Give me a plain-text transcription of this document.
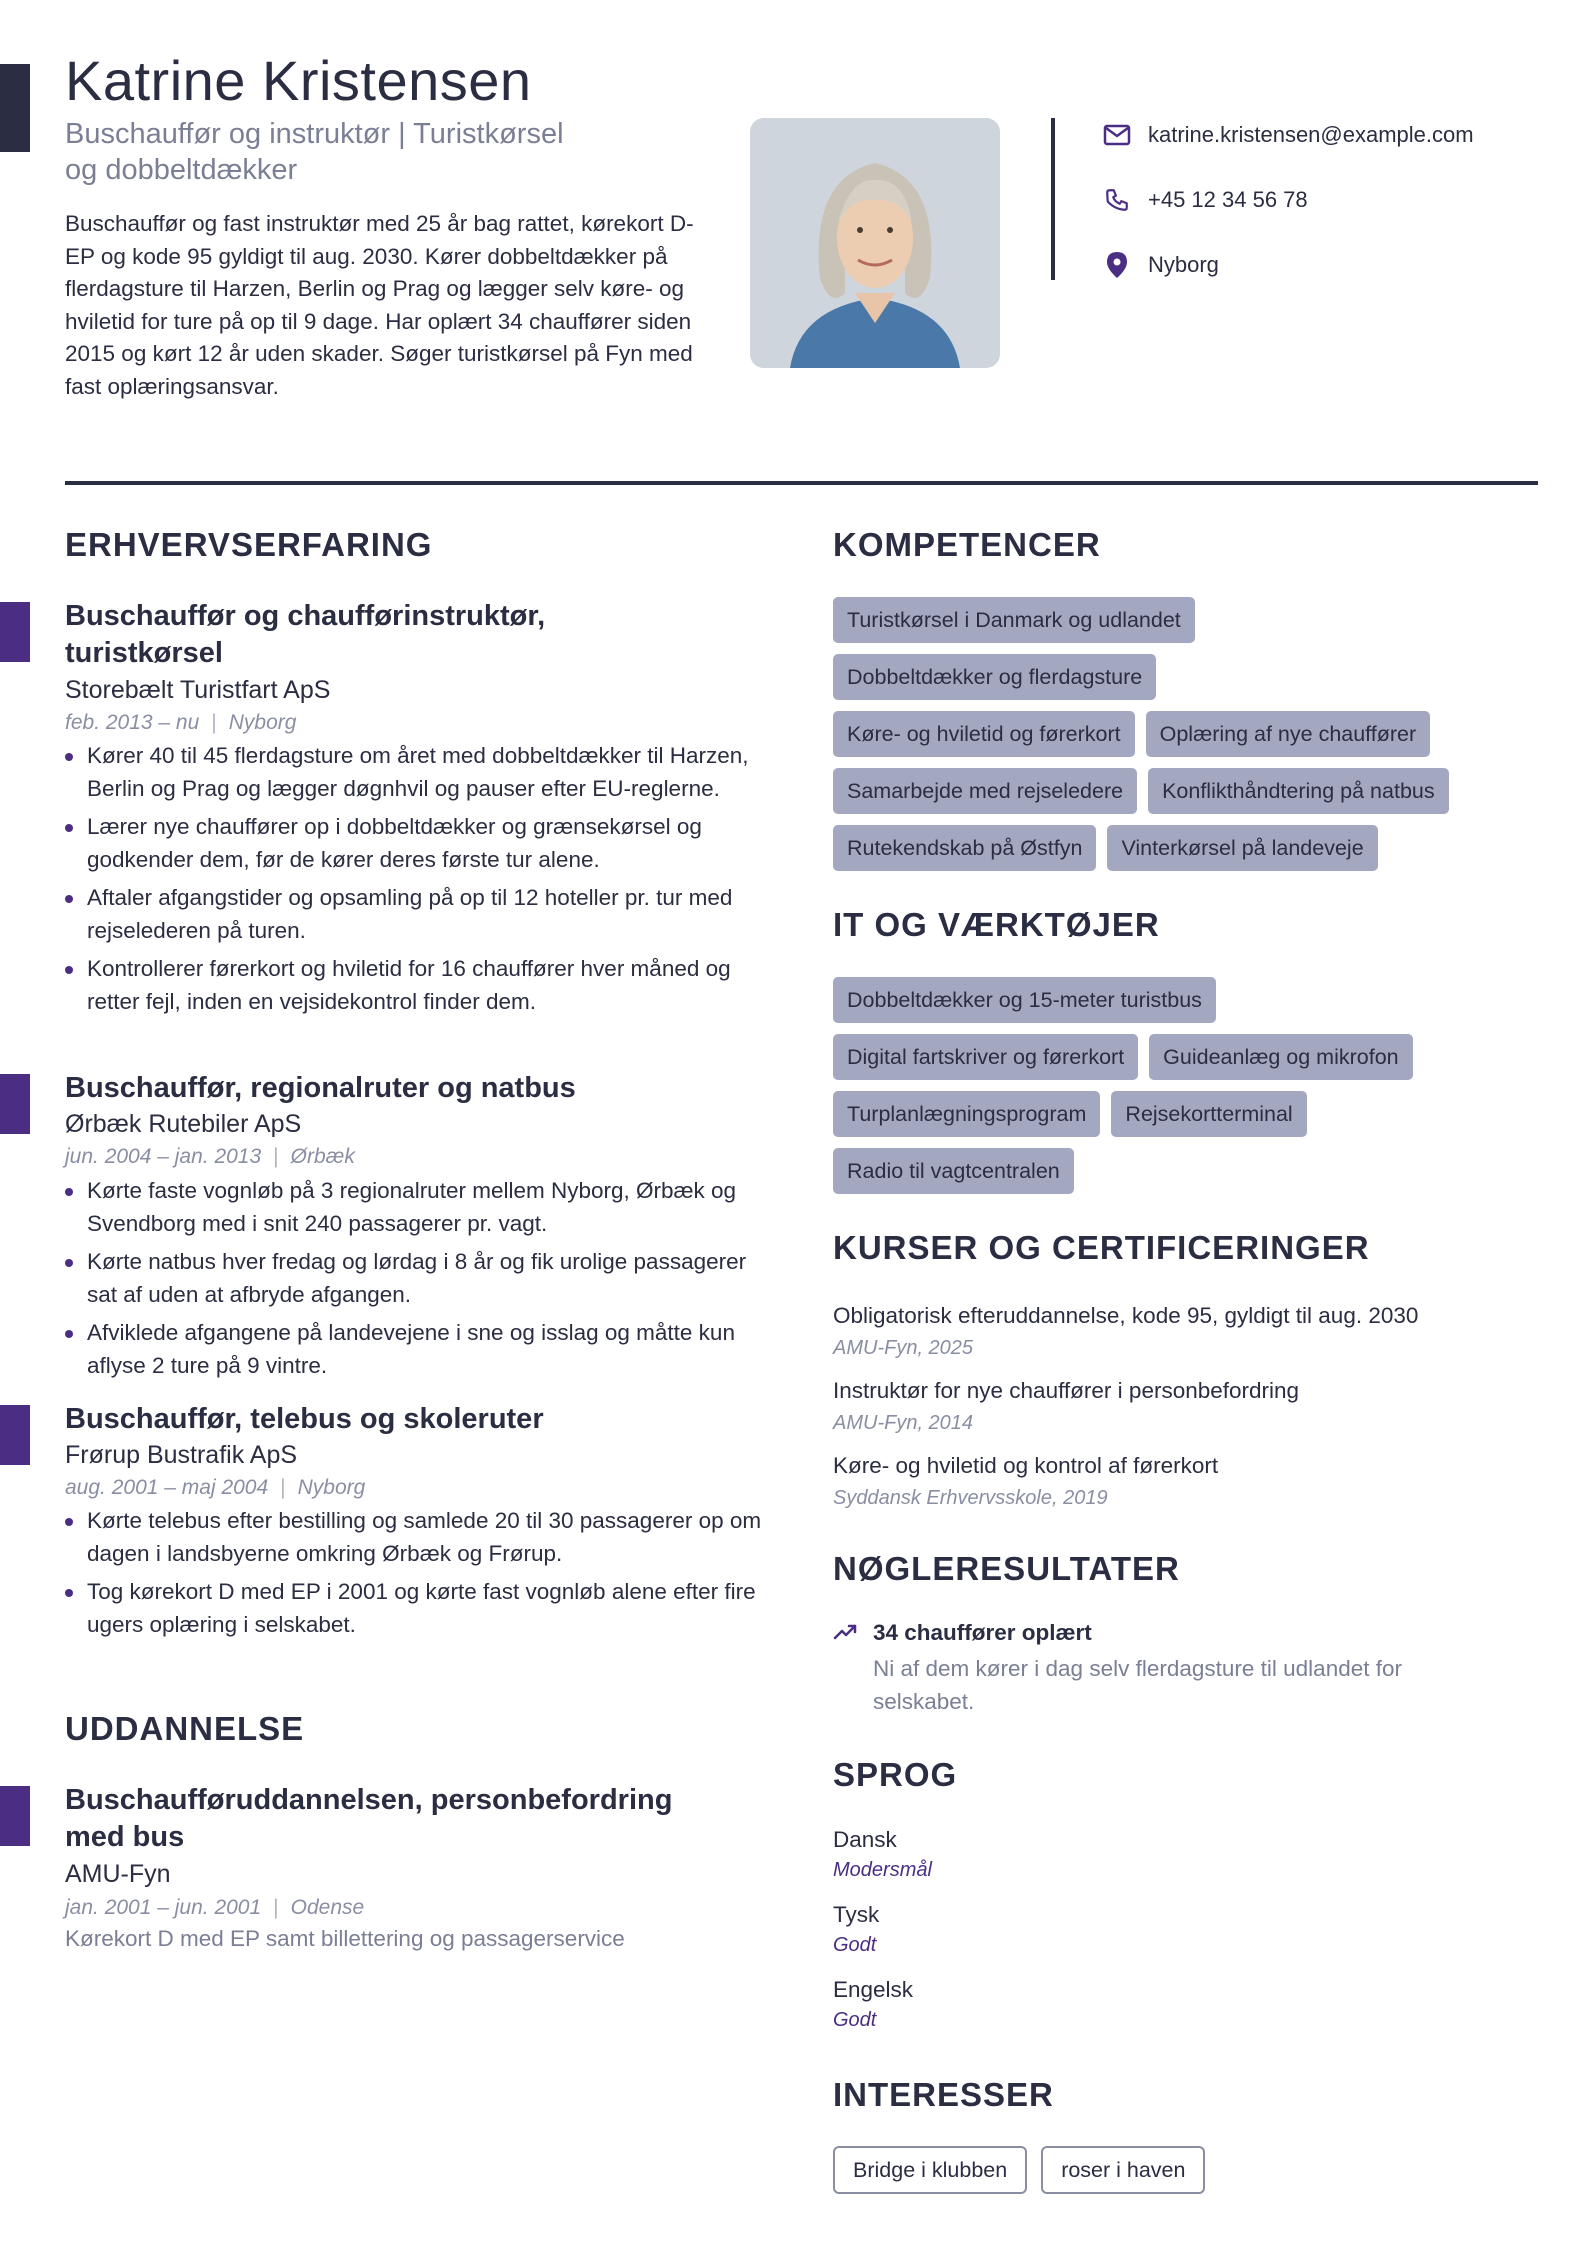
Katrine Kristensen
Buschauffør og instruktør | Turistkørsel
og dobbeltdækker

Buschauffør og fast instruktør med 25 år bag rattet, kørekort D-EP og kode 95 gyldigt til aug. 2030. Kører dobbeltdækker på flerdagsture til Harzen, Berlin og Prag og lægger selv køre- og hviletid for ture på op til 9 dage. Har oplært 34 chauffører siden 2015 og kørt 12 år uden skader. Søger turistkørsel på Fyn med fast oplæringsansvar.

katrine.kristensen@example.com
+45 12 34 56 78
Nyborg
ERHVERVSERFARING
Buschauffør og chaufførinstruktør,
turistkørsel
Storebælt Turistfart ApS
feb. 2013 – nu | Nyborg
Kører 40 til 45 flerdagsture om året med dobbeltdækker til Harzen, Berlin og Prag og lægger døgnhvil og pauser efter EU-reglerne.
Lærer nye chauffører op i dobbeltdækker og grænsekørsel og godkender dem, før de kører deres første tur alene.
Aftaler afgangstider og opsamling på op til 12 hoteller pr. tur med rejselederen på turen.
Kontrollerer førerkort og hviletid for 16 chauffører hver måned og retter fejl, inden en vejsidekontrol finder dem.
Buschauffør, regionalruter og natbus
Ørbæk Rutebiler ApS
jun. 2004 – jan. 2013 | Ørbæk
Kørte faste vognløb på 3 regionalruter mellem Nyborg, Ørbæk og Svendborg med i snit 240 passagerer pr. vagt.
Kørte natbus hver fredag og lørdag i 8 år og fik urolige passagerer sat af uden at afbryde afgangen.
Afviklede afgangene på landevejene i sne og isslag og måtte kun aflyse 2 ture på 9 vintre.
Buschauffør, telebus og skoleruter
Frørup Bustrafik ApS
aug. 2001 – maj 2004 | Nyborg
Kørte telebus efter bestilling og samlede 20 til 30 passagerer op om dagen i landsbyerne omkring Ørbæk og Frørup.
Tog kørekort D med EP i 2001 og kørte fast vognløb alene efter fire ugers oplæring i selskabet.
UDDANNELSE
Buschaufføruddannelsen, personbefordring
med bus
AMU-Fyn
jan. 2001 – jun. 2001 | Odense
Kørekort D med EP samt billettering og passagerservice
KOMPETENCER
Turistkørsel i Danmark og udlandet
Dobbeltdækker og flerdagsture
Køre- og hviletid og førerkort	Oplæring af nye chauffører
Samarbejde med rejseledere	Konflikthåndtering på natbus
Rutekendskab på Østfyn	Vinterkørsel på landeveje
IT OG VÆRKTØJER
Dobbeltdækker og 15-meter turistbus
Digital fartskriver og førerkort	Guideanlæg og mikrofon
Turplanlægningsprogram	Rejsekortterminal
Radio til vagtcentralen
KURSER OG CERTIFICERINGER
Obligatorisk efteruddannelse, kode 95, gyldigt til aug. 2030
AMU-Fyn, 2025
Instruktør for nye chauffører i personbefordring
AMU-Fyn, 2014
Køre- og hviletid og kontrol af førerkort
Syddansk Erhvervsskole, 2019
NØGLERESULTATER
34 chauffører oplært
Ni af dem kører i dag selv flerdagsture til udlandet for selskabet.
SPROG
Dansk
Modersmål
Tysk
Godt
Engelsk
Godt
INTERESSER
Bridge i klubben	roser i haven
